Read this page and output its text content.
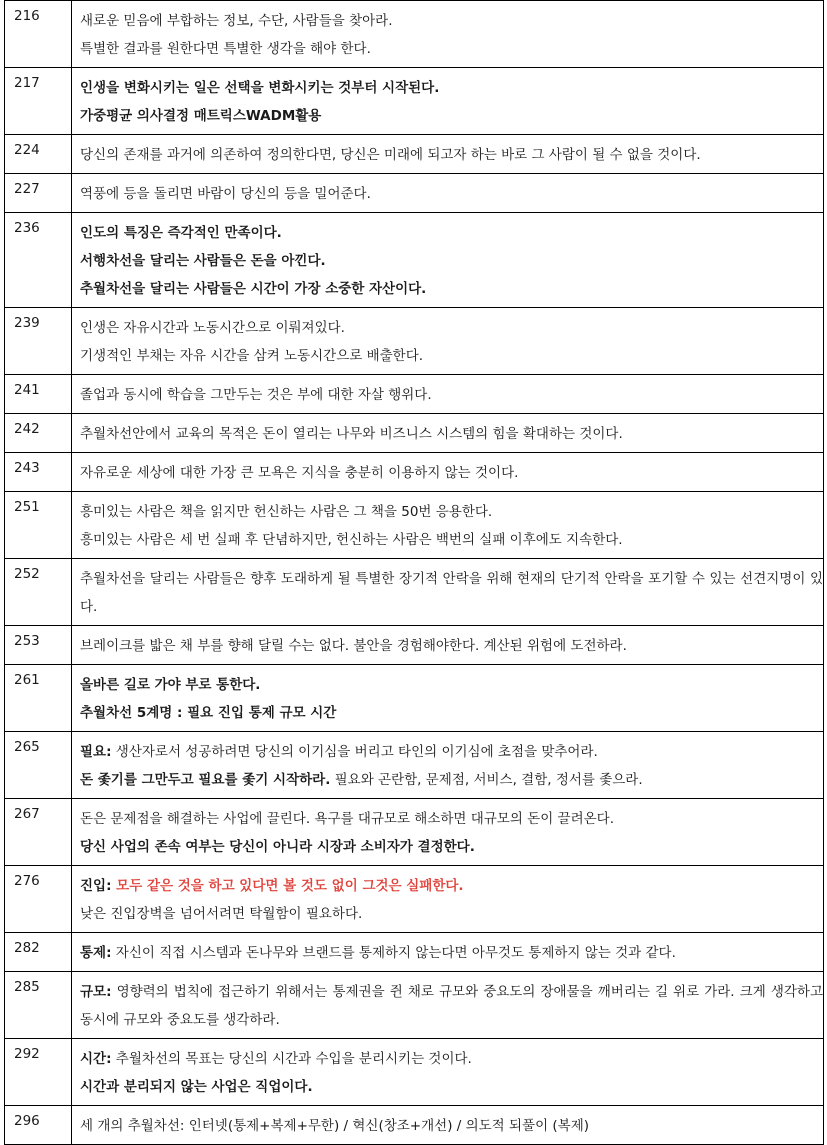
216	새로운 믿음에 부합하는 정보, 수단, 사람들을 찾아라.

특별한 결과를 원한다면 특별한 생각을 해야 한다.

217	인생을 변화시키는 일은 선택을 변화시키는 것부터 시작된다.

가중평균 의사결정 매트릭스WADM활용

224	당신의 존재를 과거에 의존하여 정의한다면, 당신은 미래에 되고자 하는 바로 그 사람이 될 수 없을 것이다.

227	역풍에 등을 돌리면 바람이 당신의 등을 밀어준다.

236	인도의 특징은 즉각적인 만족이다.

서행차선을 달리는 사람들은 돈을 아낀다.

추월차선을 달리는 사람들은 시간이 가장 소중한 자산이다.

239	인생은 자유시간과 노동시간으로 이뤄져있다.

기생적인 부채는 자유 시간을 삼켜 노동시간으로 배출한다.

241	졸업과 동시에 학습을 그만두는 것은 부에 대한 자살 행위다.

242	추월차선안에서 교육의 목적은 돈이 열리는 나무와 비즈니스 시스템의 힘을 확대하는 것이다.

243	자유로운 세상에 대한 가장 큰 모욕은 지식을 충분히 이용하지 않는 것이다.

251	흥미있는 사람은 책을 읽지만 헌신하는 사람은 그 책을 50번 응용한다.

흥미있는 사람은 세 번 실패 후 단념하지만, 헌신하는 사람은 백번의 실패 이후에도 지속한다.

252	추월차선을 달리는 사람들은 향후 도래하게 될 특별한 장기적 안락을 위해 현재의 단기적 안락을 포기할 수 있는 선견지명이 있다.

253	브레이크를 밟은 채 부를 향해 달릴 수는 없다. 불안을 경험해야한다. 계산된 위험에 도전하라.

261	올바른 길로 가야 부로 통한다.

추월차선 5계명 : 필요 진입 통제 규모 시간

265	필요: 생산자로서 성공하려면 당신의 이기심을 버리고 타인의 이기심에 초점을 맞추어라.

돈 좇기를 그만두고 필요를 좇기 시작하라. 필요와 곤란함, 문제점, 서비스, 결함, 정서를 좇으라.

267	돈은 문제점을 해결하는 사업에 끌린다. 욕구를 대규모로 해소하면 대규모의 돈이 끌려온다.

당신 사업의 존속 여부는 당신이 아니라 시장과 소비자가 결정한다.

276	진입: 모두 같은 것을 하고 있다면 볼 것도 없이 그것은 실패한다.

낮은 진입장벽을 넘어서려면 탁월함이 필요하다.

282	통제: 자신이 직접 시스템과 돈나무와 브랜드를 통제하지 않는다면 아무것도 통제하지 않는 것과 같다.

285	규모: 영향력의 법칙에 접근하기 위해서는 통제권을 쥔 채로 규모와 중요도의 장애물을 깨버리는 길 위로 가라. 크게 생각하고 동시에 규모와 중요도를 생각하라.

292	시간: 추월차선의 목표는 당신의 시간과 수입을 분리시키는 것이다.

시간과 분리되지 않는 사업은 직업이다.

296	세 개의 추월차선: 인터넷(통제+복제+무한) / 혁신(창조+개선) / 의도적 되풀이 (복제)
